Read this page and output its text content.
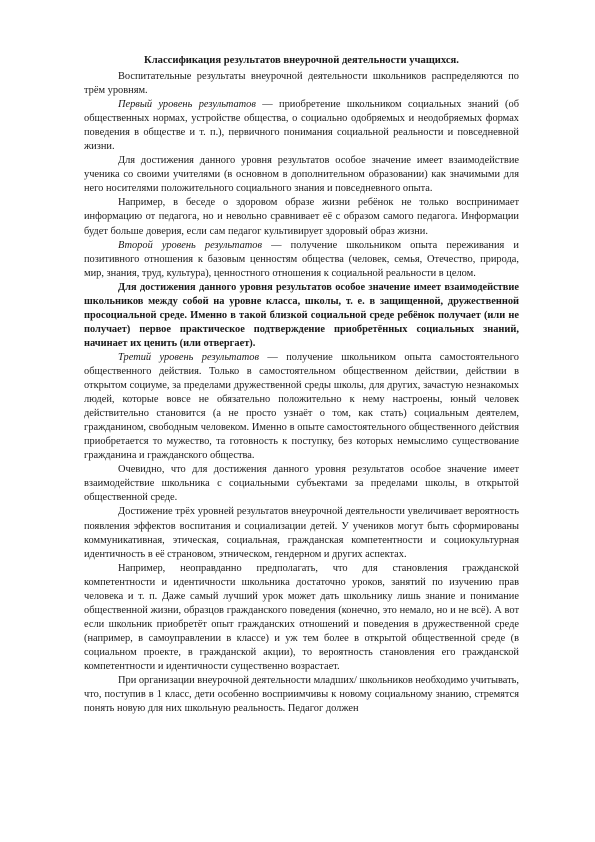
Классификация результатов внеурочной деятельности учащихся.

Воспитательные результаты внеурочной деятельности школьников распределяются по трём уровням.

Первый уровень результатов — приобретение школьником социальных знаний (об общественных нормах, устройстве общества, о социально одобряемых и неодобряемых формах поведения в обществе и т. п.), первичного понимания социальной реальности и повседневной жизни.

Для достижения данного уровня результатов особое значение имеет взаимодействие ученика со своими учителями (в основном в дополнительном образовании) как значимыми для него носителями положительного социального знания и повседневного опыта.

Например, в беседе о здоровом образе жизни ребёнок не только воспринимает информацию от педагога, но и невольно сравнивает её с образом самого педагога. Информации будет больше доверия, если сам педагог культивирует здоровый образ жизни.

Второй уровень результатов — получение школьником опыта переживания и позитивного отношения к базовым ценностям общества (человек, семья, Отечество, природа, мир, знания, труд, культура), ценностного отношения к социальной реальности в целом.

Для достижения данного уровня результатов особое значение имеет взаимодействие школьников между собой на уровне класса, школы, т. е. в защищенной, дружественной просоциальной среде. Именно в такой близкой социальной среде ребёнок получает (или не получает) первое практическое подтверждение приобретённых социальных знаний, начинает их ценить (или отвергает).

Третий уровень результатов — получение школьником опыта самостоятельного общественного действия. Только в самостоятельном общественном действии, действии в открытом социуме, за пределами дружественной среды школы, для других, зачастую незнакомых людей, которые вовсе не обязательно положительно к нему настроены, юный человек действительно становится (а не просто узнаёт о том, как стать) социальным деятелем, гражданином, свободным человеком. Именно в опыте самостоятельного общественного действия приобретается то мужество, та готовность к поступку, без которых немыслимо существование гражданина и гражданского общества.

Очевидно, что для достижения данного уровня результатов особое значение имеет взаимодействие школьника с социальными субъектами за пределами школы, в открытой общественной среде.

Достижение трёх уровней результатов внеурочной деятельности увеличивает вероятность появления эффектов воспитания и социализации детей. У учеников могут быть сформированы коммуникативная, этическая, социальная, гражданская компетентности и социокультурная идентичность в её страновом, этническом, гендерном и других аспектах.

Например, неоправданно предполагать, что для становления гражданской компетентности и идентичности школьника достаточно уроков, занятий по изучению прав человека и т. п. Даже самый лучший урок может дать школьнику лишь знание и понимание общественной жизни, образцов гражданского поведения (конечно, это немало, но и не всё). А вот если школьник приобретёт опыт гражданских отношений и поведения в дружественной среде (например, в самоуправлении в классе) и уж тем более в открытой общественной среде (в социальном проекте, в гражданской акции), то вероятность становления его гражданской компетентности и идентичности существенно возрастает.

При организации внеурочной деятельности младших/ школьников необходимо учитывать, что, поступив в 1 класс, дети особенно восприимчивы к новому социальному знанию, стремятся понять новую для них школьную реальность. Педагог должен
